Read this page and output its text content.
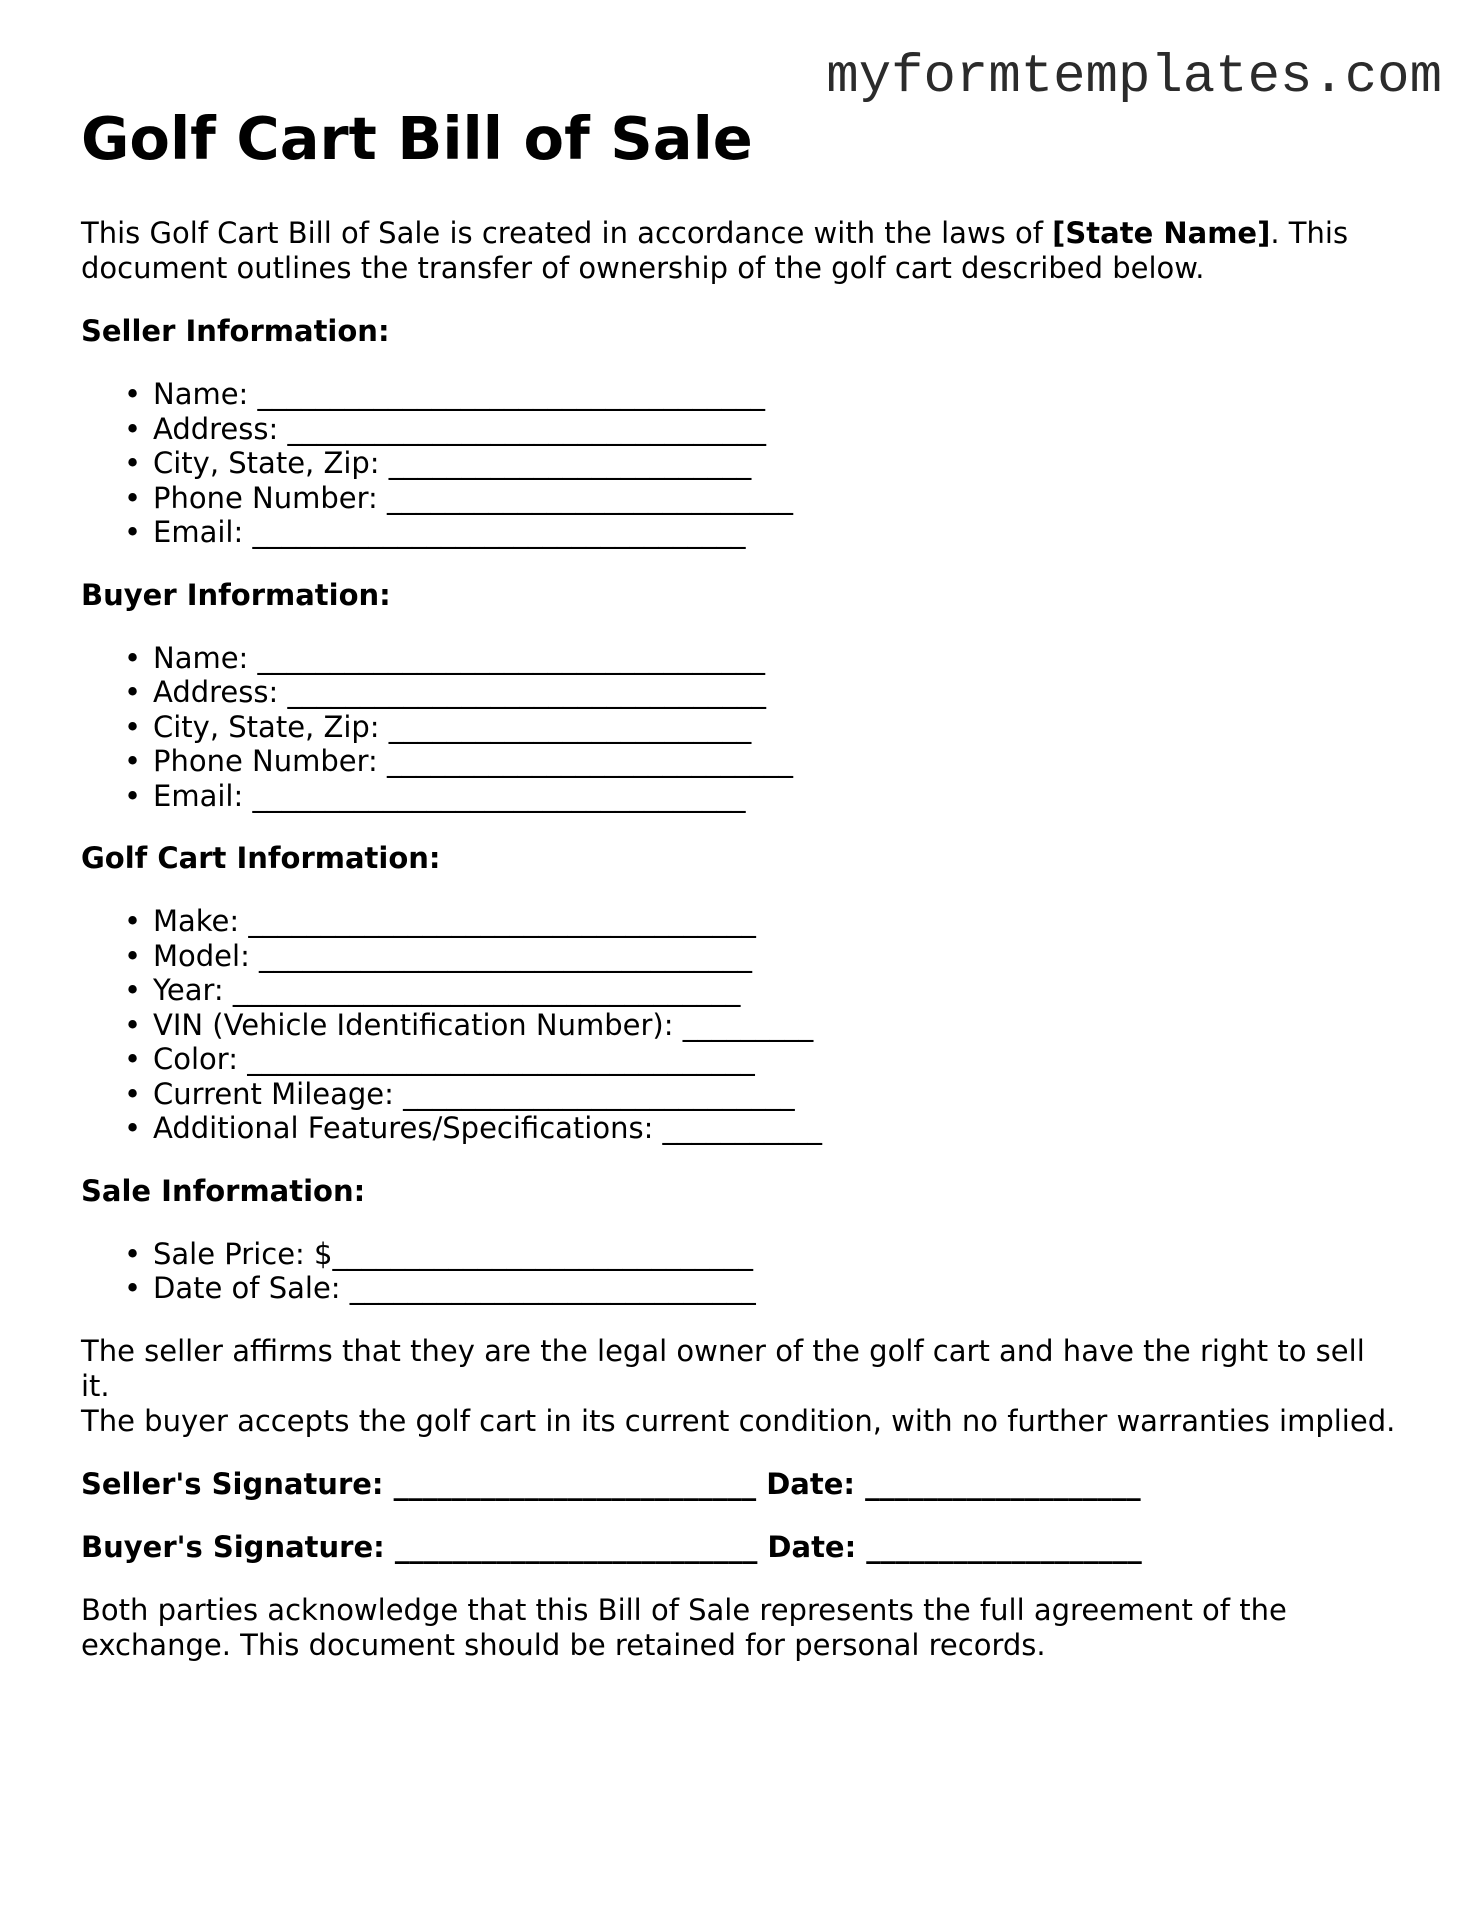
myformtemplates.com
Golf Cart Bill of Sale

This Golf Cart Bill of Sale is created in accordance with the laws of [State Name]. This
document outlines the transfer of ownership of the golf cart described below.

Seller Information:
• Name: ___________________________________
• Address: _________________________________
• City, State, Zip: _________________________
• Phone Number: ____________________________
• Email: __________________________________
Buyer Information:
• Name: ___________________________________
• Address: _________________________________
• City, State, Zip: _________________________
• Phone Number: ____________________________
• Email: __________________________________
Golf Cart Information:
• Make: ___________________________________
• Model: __________________________________
• Year: ___________________________________
• VIN (Vehicle Identification Number): _________
• Color: ___________________________________
• Current Mileage: ___________________________
• Additional Features/Specifications: ___________
Sale Information:
• Sale Price: $_____________________________
• Date of Sale: ____________________________

The seller affirms that they are the legal owner of the golf cart and have the right to sell it.
The buyer accepts the golf cart in its current condition, with no further warranties implied.

Seller's Signature: _________________________ Date: ___________________
Buyer's Signature: _________________________ Date: ___________________

Both parties acknowledge that this Bill of Sale represents the full agreement of the
exchange. This document should be retained for personal records.
